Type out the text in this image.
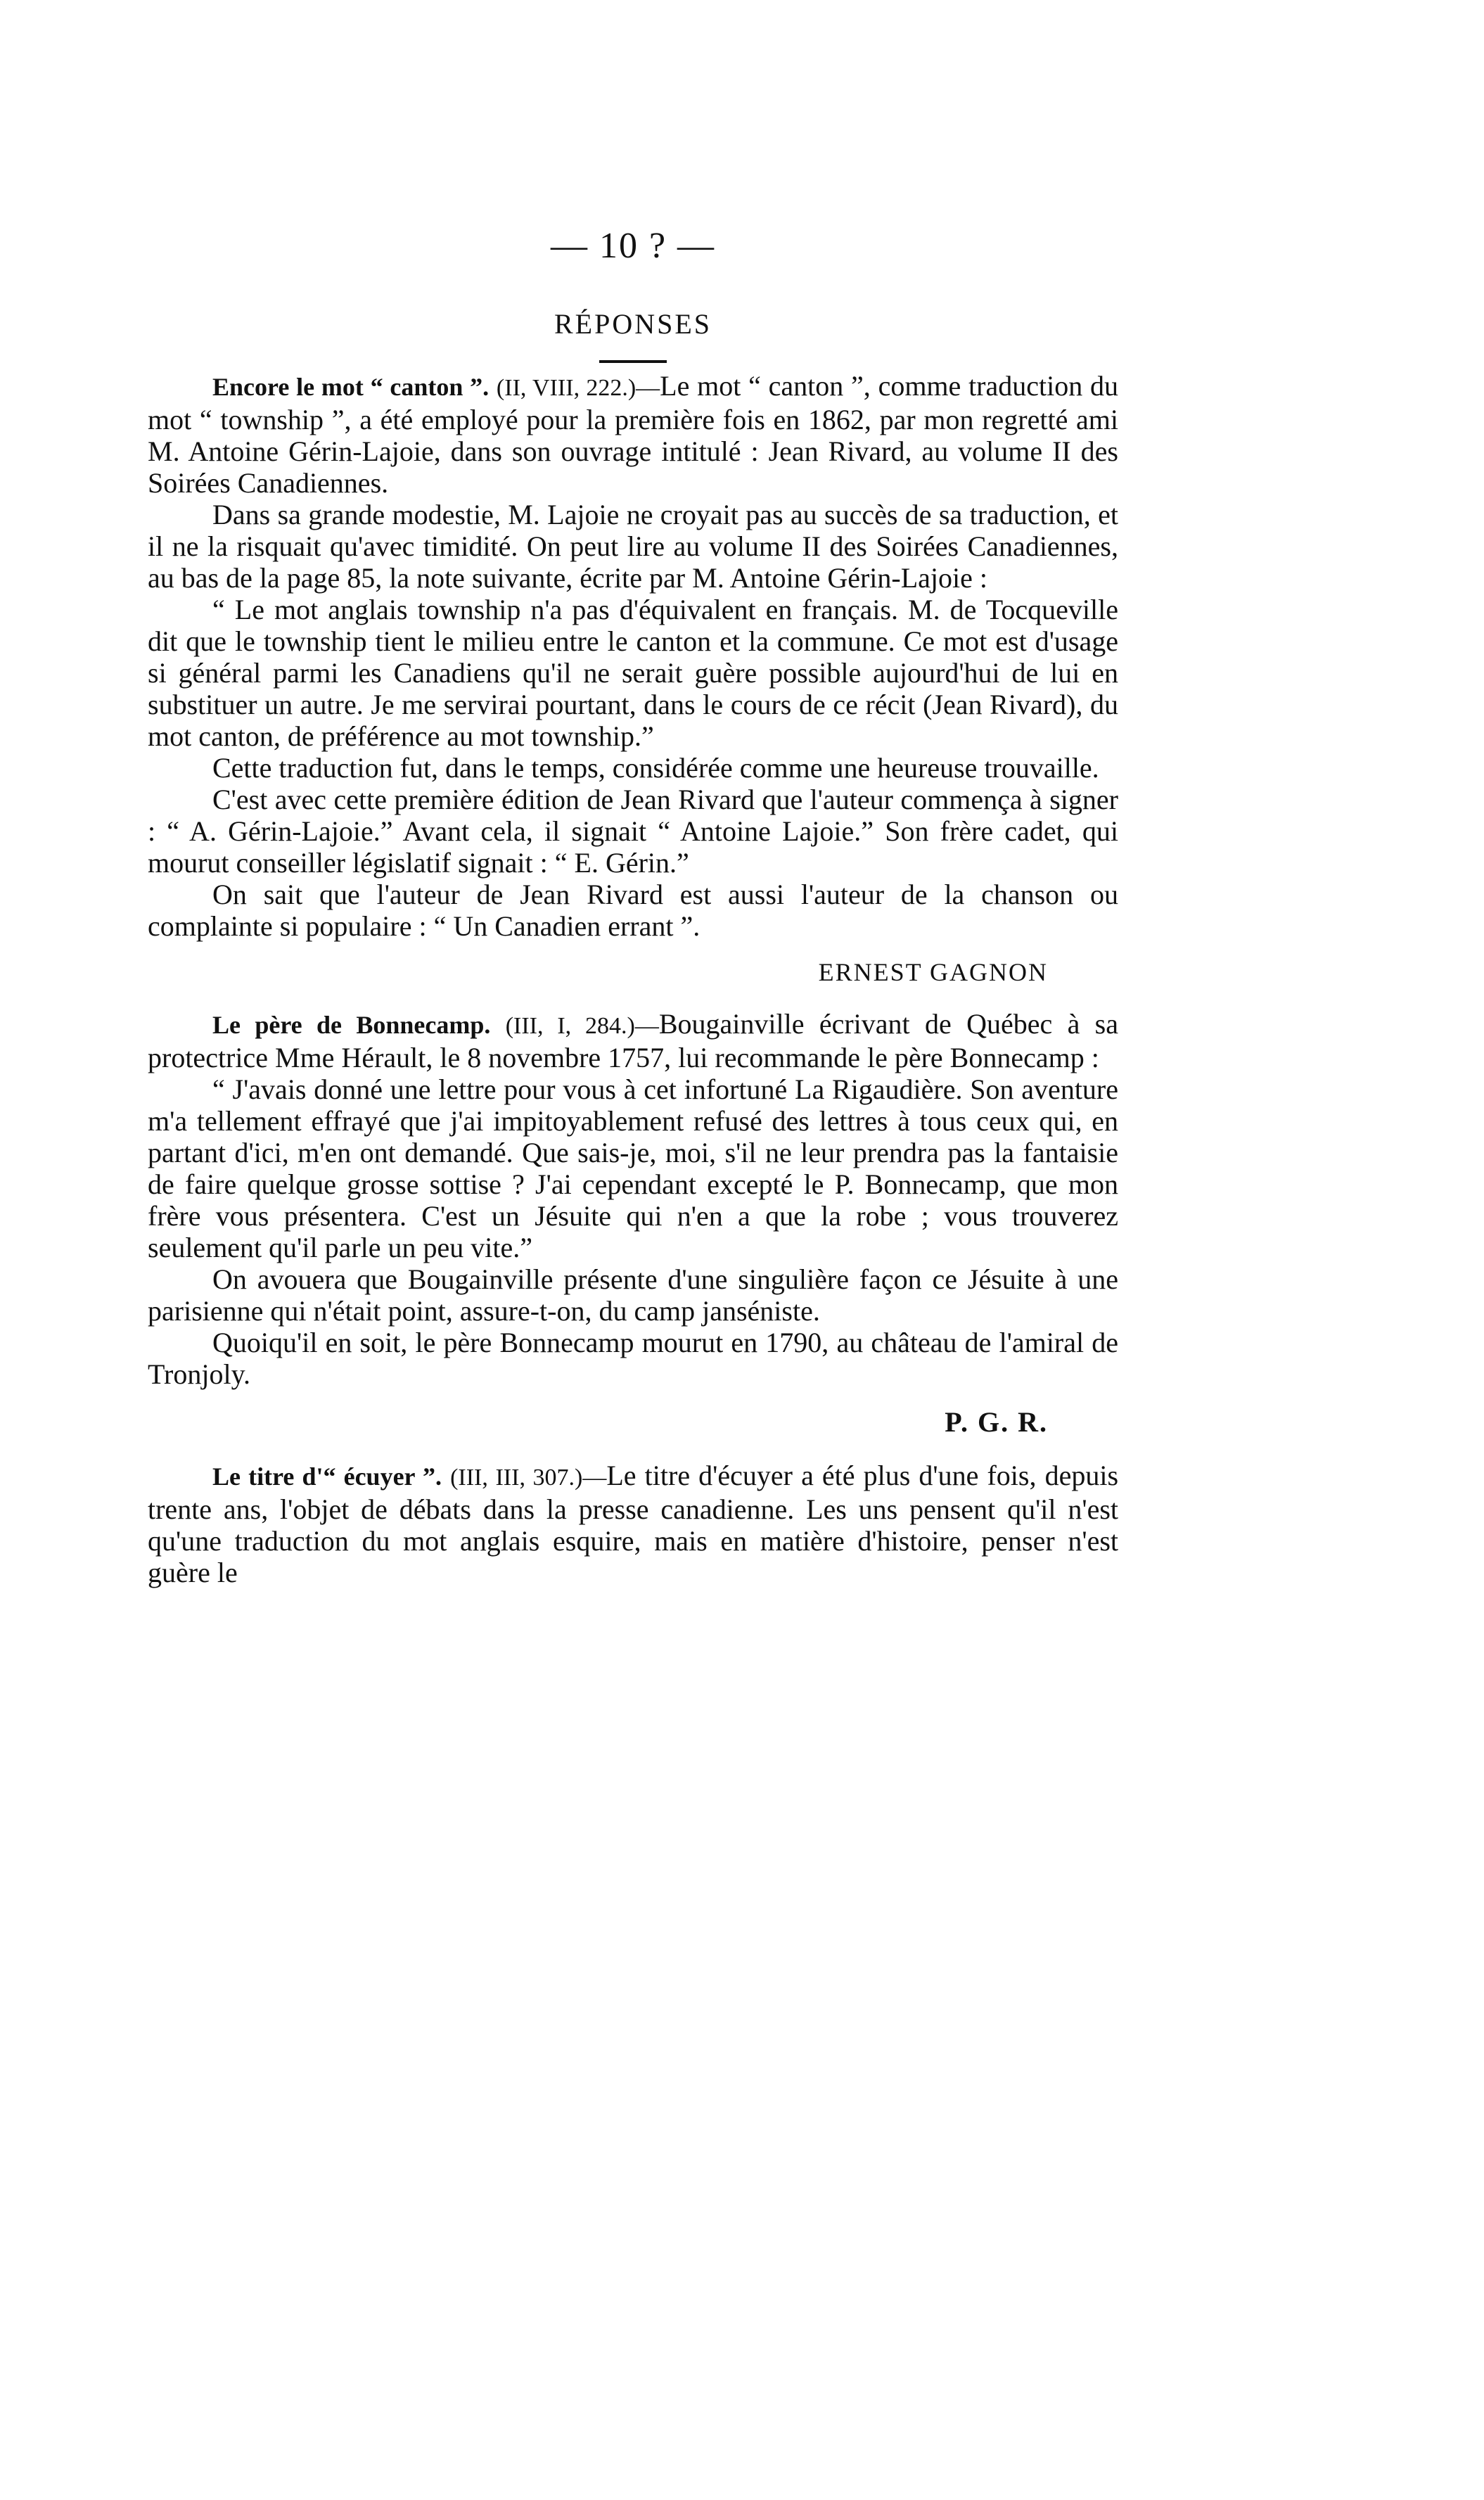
— 10 ? —
RÉPONSES

Encore le mot “ canton ”. (II, VIII, 222.)—Le mot “ canton ”, comme traduction du mot “ township ”, a été employé pour la première fois en 1862, par mon regretté ami M. Antoine Gérin-Lajoie, dans son ouvrage intitulé : Jean Rivard, au volume II des Soirées Canadiennes.

Dans sa grande modestie, M. Lajoie ne croyait pas au succès de sa traduction, et il ne la risquait qu'avec timidité. On peut lire au volume II des Soirées Canadiennes, au bas de la page 85, la note suivante, écrite par M. Antoine Gérin-Lajoie :

“ Le mot anglais township n'a pas d'équivalent en français. M. de Tocqueville dit que le township tient le milieu entre le canton et la commune. Ce mot est d'usage si général parmi les Canadiens qu'il ne serait guère possible aujourd'hui de lui en substituer un autre. Je me servirai pourtant, dans le cours de ce récit (Jean Rivard), du mot canton, de préférence au mot township.”

Cette traduction fut, dans le temps, considérée comme une heureuse trouvaille.

C'est avec cette première édition de Jean Rivard que l'auteur commença à signer : “ A. Gérin-Lajoie.” Avant cela, il signait “ Antoine Lajoie.” Son frère cadet, qui mourut conseiller législatif signait : “ E. Gérin.”

On sait que l'auteur de Jean Rivard est aussi l'auteur de la chanson ou complainte si populaire : “ Un Canadien errant ”.

ERNEST GAGNON

Le père de Bonnecamp. (III, I, 284.)—Bougainville écrivant de Québec à sa protectrice Mme Hérault, le 8 novembre 1757, lui recommande le père Bonnecamp :

“ J'avais donné une lettre pour vous à cet infortuné La Rigaudière. Son aventure m'a tellement effrayé que j'ai impitoyablement refusé des lettres à tous ceux qui, en partant d'ici, m'en ont demandé. Que sais-je, moi, s'il ne leur prendra pas la fantaisie de faire quelque grosse sottise ? J'ai cependant excepté le P. Bonnecamp, que mon frère vous présentera. C'est un Jésuite qui n'en a que la robe ; vous trouverez seulement qu'il parle un peu vite.”

On avouera que Bougainville présente d'une singulière façon ce Jésuite à une parisienne qui n'était point, assure-t-on, du camp janséniste.

Quoiqu'il en soit, le père Bonnecamp mourut en 1790, au château de l'amiral de Tronjoly.

P. G. R.

Le titre d'“ écuyer ”. (III, III, 307.)—Le titre d'écuyer a été plus d'une fois, depuis trente ans, l'objet de débats dans la presse canadienne. Les uns pensent qu'il n'est qu'une traduction du mot anglais esquire, mais en matière d'histoire, penser n'est guère le
